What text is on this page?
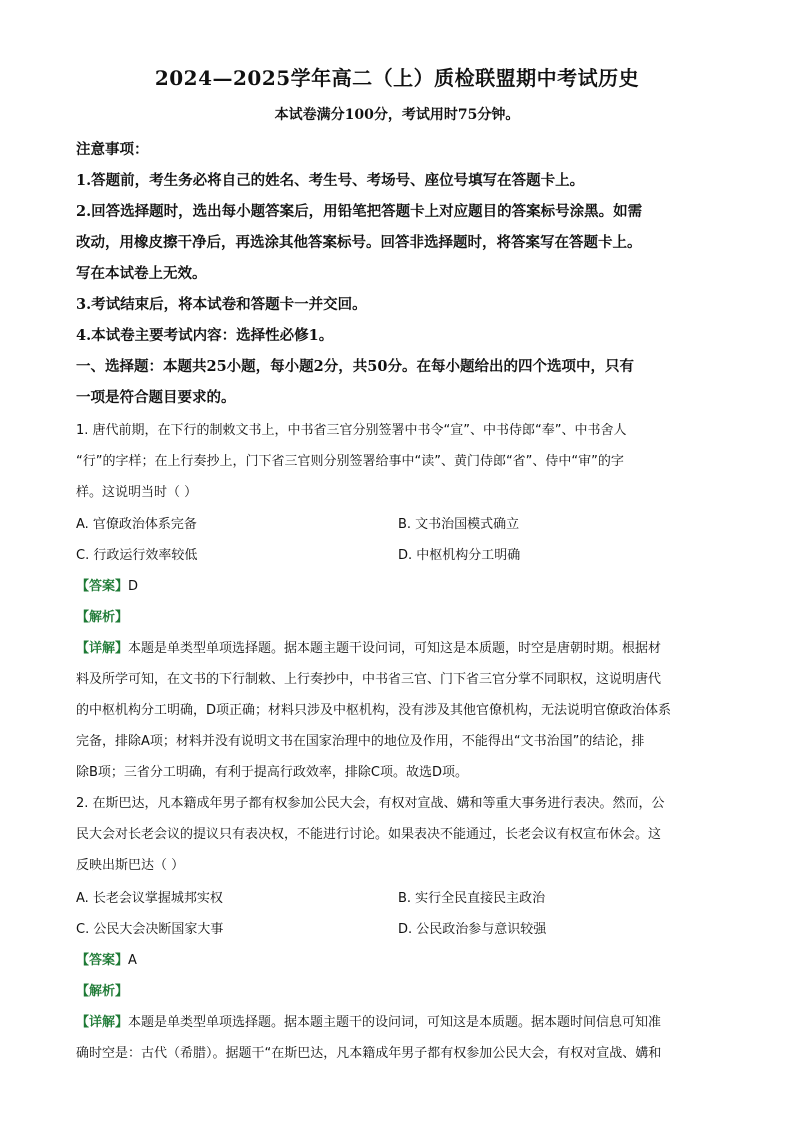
2024—2025学年高二（上）质检联盟期中考试历史
本试卷满分100分，考试用时75分钟。
注意事项：
1.答题前，考生务必将自己的姓名、考生号、考场号、座位号填写在答题卡上。
2.回答选择题时，选出每小题答案后，用铅笔把答题卡上对应题目的答案标号涂黑。如需
改动，用橡皮擦干净后，再选涂其他答案标号。回答非选择题时，将答案写在答题卡上。
写在本试卷上无效。
3.考试结束后，将本试卷和答题卡一并交回。
4.本试卷主要考试内容：选择性必修1。
一、选择题：本题共25小题，每小题2分，共50分。在每小题给出的四个选项中，只有
一项是符合题目要求的。
1. 唐代前期，在下行的制敕文书上，中书省三官分别签署中书令“宣”、中书侍郎“奉”、中书舍人
“行”的字样；在上行奏抄上，门下省三官则分别签署给事中“读”、黄门侍郎“省”、侍中“审”的字
样。这说明当时（ ）
A. 官僚政治体系完备	B. 文书治国模式确立
C. 行政运行效率较低	D. 中枢机构分工明确
【答案】D
【解析】
【详解】本题是单类型单项选择题。据本题主题干设问词，可知这是本质题，时空是唐朝时期。根据材
料及所学可知，在文书的下行制敕、上行奏抄中，中书省三官、门下省三官分掌不同职权，这说明唐代
的中枢机构分工明确，D项正确；材料只涉及中枢机构，没有涉及其他官僚机构，无法说明官僚政治体系
完备，排除A项；材料并没有说明文书在国家治理中的地位及作用，不能得出“文书治国”的结论，排
除B项；三省分工明确，有利于提高行政效率，排除C项。故选D项。
2. 在斯巴达，凡本籍成年男子都有权参加公民大会，有权对宣战、媾和等重大事务进行表决。然而，公
民大会对长老会议的提议只有表决权，不能进行讨论。如果表决不能通过，长老会议有权宣布休会。这
反映出斯巴达（ ）
A. 长老会议掌握城邦实权	B. 实行全民直接民主政治
C. 公民大会决断国家大事	D. 公民政治参与意识较强
【答案】A
【解析】
【详解】本题是单类型单项选择题。据本题主题干的设问词，可知这是本质题。据本题时间信息可知准
确时空是：古代（希腊）。据题干“在斯巴达，凡本籍成年男子都有权参加公民大会，有权对宣战、媾和
